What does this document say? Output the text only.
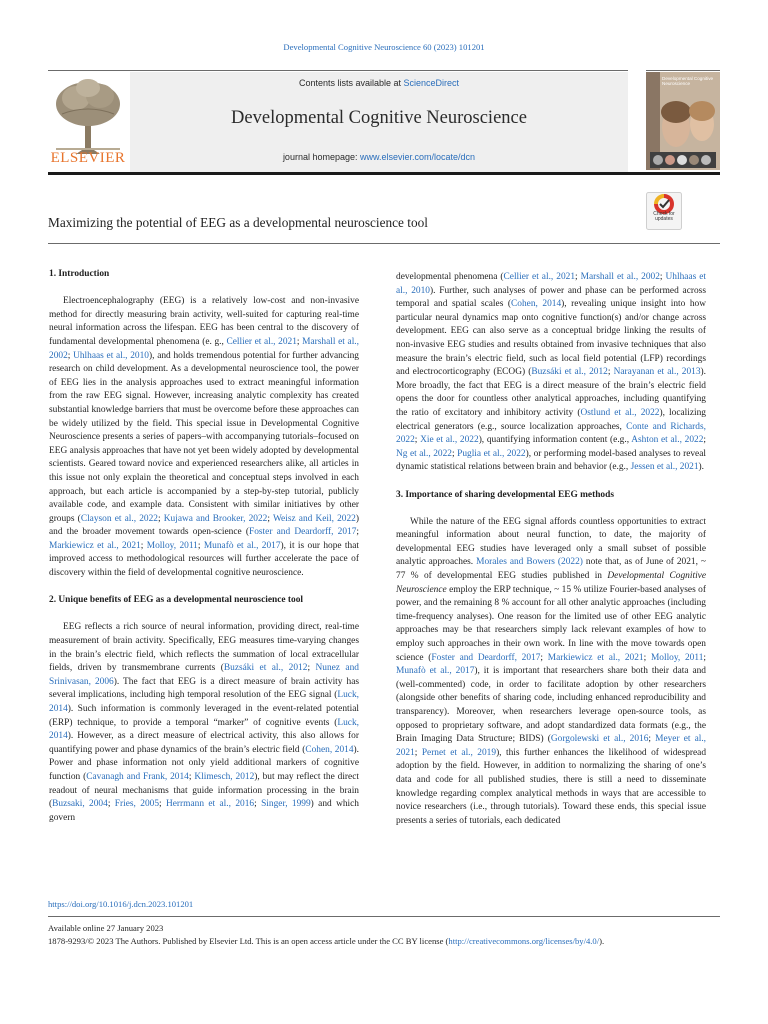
Developmental Cognitive Neuroscience 60 (2023) 101201
ELSEVIER
Contents lists available at ScienceDirect
Developmental Cognitive Neuroscience
journal homepage: www.elsevier.com/locate/dcn
Developmental Cognitive Neuroscience
Maximizing the potential of EEG as a developmental neuroscience tool
Check for updates
1. Introduction

Electroencephalography (EEG) is a relatively low-cost and non-invasive method for directly measuring brain activity, well-suited for capturing real-time neural information across the lifespan. EEG has been central to the discovery of fundamental developmental phenomena (e. g., Cellier et al., 2021; Marshall et al., 2002; Uhlhaas et al., 2010), and holds tremendous potential for further advancing research on child development. As a developmental neuroscience tool, the power of EEG lies in the analysis approaches used to extract meaningful information from the raw EEG signal. However, increasing analytic complexity has created substantial knowledge barriers that must be overcome before these approaches can be widely utilized by the field. This special issue in Developmental Cognitive Neuroscience presents a series of papers–with accompanying tutorials–focused on EEG analysis approaches that have not yet been widely adopted by developmental scientists. Geared toward novice and experienced researchers alike, all articles in this issue not only explain the theoretical and conceptual steps involved in each approach, but each article is accompanied by a step-by-step tutorial, publicly available code, and example data. Consistent with similar initiatives by other groups (Clayson et al., 2022; Kujawa and Brooker, 2022; Weisz and Keil, 2022) and the broader movement towards open-science (Foster and Deardorff, 2017; Markiewicz et al., 2021; Molloy, 2011; Munafò et al., 2017), it is our hope that improved access to methodological resources will further accelerate the pace of discovery within the field of developmental cognitive neuroscience.

2. Unique benefits of EEG as a developmental neuroscience tool

EEG reflects a rich source of neural information, providing direct, real-time measurement of brain activity. Specifically, EEG measures time-varying changes in the brain’s electric field, which reflects the summation of local extracellular fields, driven by transmembrane currents (Buzsáki et al., 2012; Nunez and Srinivasan, 2006). The fact that EEG is a direct measure of brain activity has several implications, including high temporal resolution of the EEG signal (Luck, 2014). Such information is commonly leveraged in the event-related potential (ERP) technique, to provide a temporal “marker” of cognitive events (Luck, 2014). However, as a direct measure of electrical activity, this also allows for quantifying power and phase dynamics of the brain’s electric field (Cohen, 2014). Power and phase information not only yield additional markers of cognitive function (Cavanagh and Frank, 2014; Klimesch, 2012), but may reflect the direct readout of neural mechanisms that guide information processing in the brain (Buzsaki, 2004; Fries, 2005; Herrmann et al., 2016; Singer, 1999) and which govern

developmental phenomena (Cellier et al., 2021; Marshall et al., 2002; Uhlhaas et al., 2010). Further, such analyses of power and phase can be performed across temporal and spatial scales (Cohen, 2014), revealing unique insight into how particular neural dynamics map onto cognitive function(s) and/or change across development. EEG can also serve as a conceptual bridge linking the results of non-invasive EEG studies and results obtained from invasive techniques that also measure the brain’s electric field, such as local field potential (LFP) recordings and electrocorticography (ECOG) (Buzsáki et al., 2012; Narayanan et al., 2013). More broadly, the fact that EEG is a direct measure of the brain’s electric field opens the door for countless other analytical approaches, including quantifying the ratio of excitatory and inhibitory activity (Ostlund et al., 2022), localizing electrical generators (e.g., source localization approaches, Conte and Richards, 2022; Xie et al., 2022), quantifying information content (e.g., Ashton et al., 2022; Ng et al., 2022; Puglia et al., 2022), or performing model-based analyses to reveal dynamic statistical relations between brain and behavior (e.g., Jessen et al., 2021).

3. Importance of sharing developmental EEG methods

While the nature of the EEG signal affords countless opportunities to extract meaningful information about neural function, to date, the majority of developmental EEG studies have leveraged only a small subset of possible analytic approaches. Morales and Bowers (2022) note that, as of June of 2021, ~ 77 % of developmental EEG studies published in Developmental Cognitive Neuroscience employ the ERP technique, ~ 15 % utilize Fourier-based analyses of power, and the remaining 8 % account for all other analytic approaches (including time-frequency analyses). One reason for the limited use of other EEG analytic approaches may be that researchers simply lack relevant examples of how to employ such approaches in their own work. In line with the move towards open science (Foster and Deardorff, 2017; Markiewicz et al., 2021; Molloy, 2011; Munafò et al., 2017), it is important that researchers share both their data and (well-commented) code, in order to facilitate adoption by other researchers (alongside other benefits of sharing code, including enhanced reproducibility and transparency). Moreover, when researchers leverage open-source tools, as opposed to proprietary software, and adopt standardized data formats (e.g., the Brain Imaging Data Structure; BIDS) (Gorgolewski et al., 2016; Meyer et al., 2021; Pernet et al., 2019), this further enhances the likelihood of widespread adoption by the field. However, in addition to normalizing the sharing of one’s data and code for all published studies, there is still a need to disseminate knowledge regarding complex analytical methods in ways that are accessible to novice researchers (i.e., through tutorials). Toward these ends, this special issue presents a series of tutorials, each dedicated

https://doi.org/10.1016/j.dcn.2023.101201
Available online 27 January 2023
1878-9293/© 2023 The Authors. Published by Elsevier Ltd. This is an open access article under the CC BY license (http://creativecommons.org/licenses/by/4.0/).
